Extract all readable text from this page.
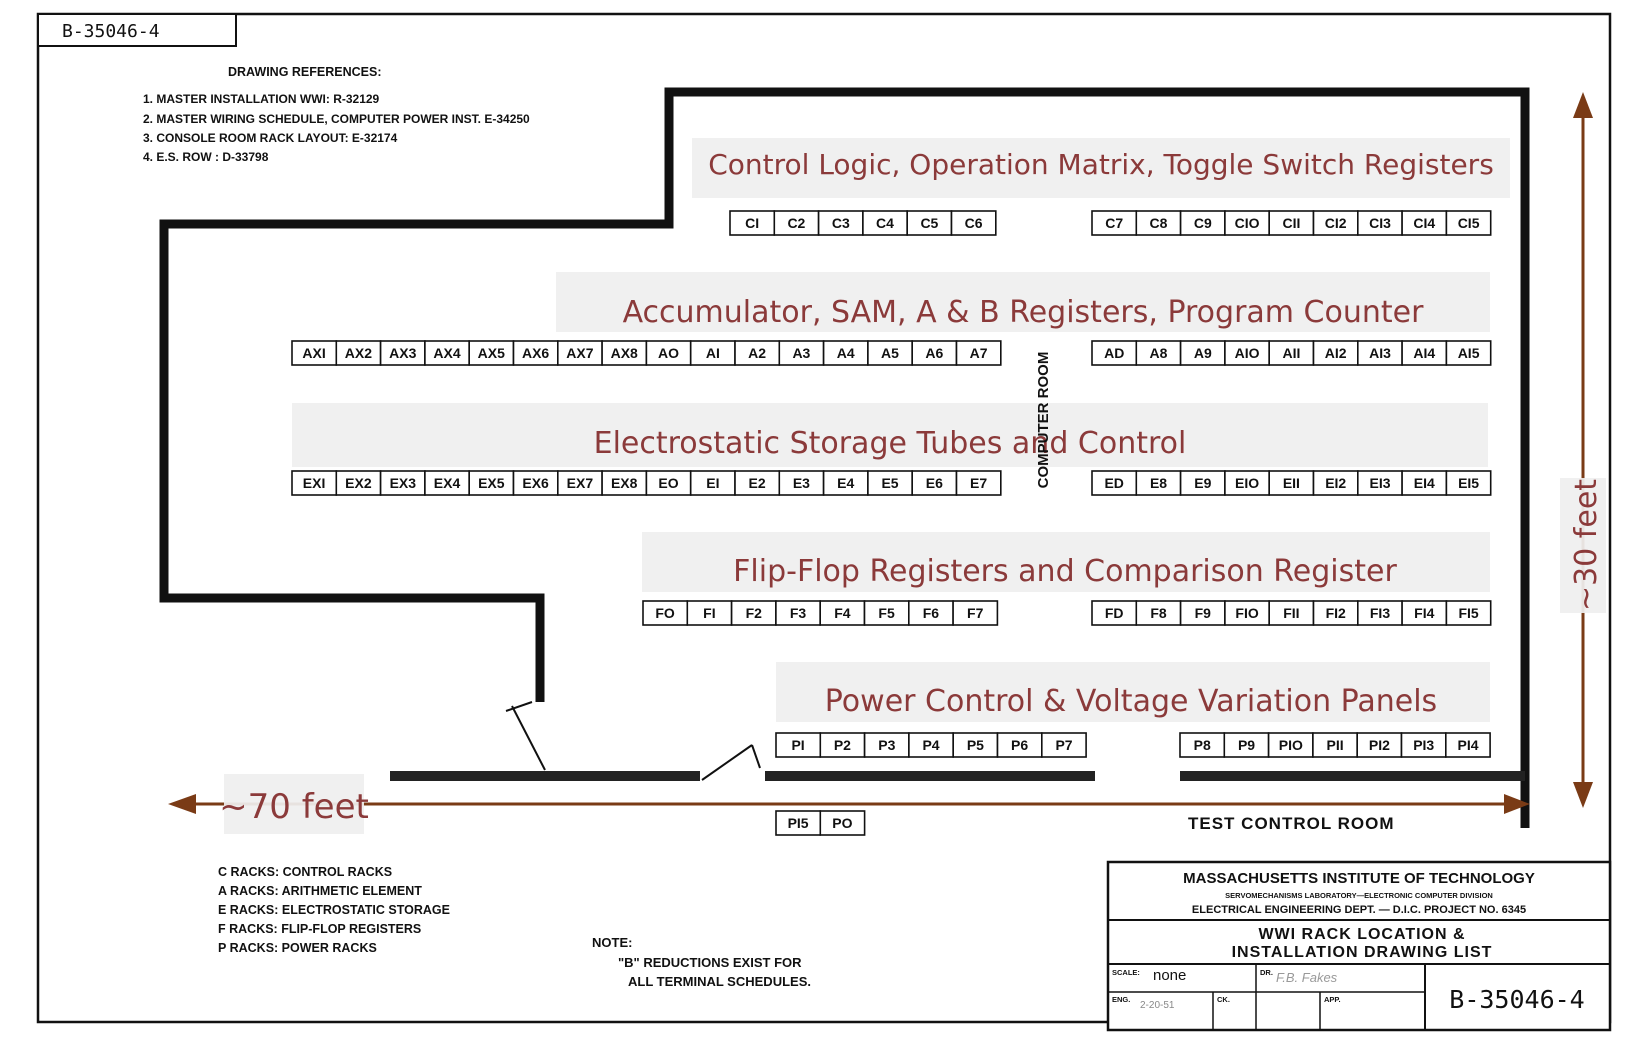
B-35046-4
DRAWING REFERENCES:
1. MASTER INSTALLATION WWI: R-32129
2. MASTER WIRING SCHEDULE, COMPUTER POWER INST. E-34250
3. CONSOLE ROOM RACK LAYOUT: E-32174
4. E.S. ROW : D-33798	Control Logic, Operation Matrix, Toggle Switch Registers
Accumulator, SAM, A & B Registers, Program Counter
Electrostatic Storage Tubes and Control
Flip-Flop Registers and Comparison Register
Power Control & Voltage Variation Panels
CI C2 C3 C4 C5 C6	C7 C8 C9 CIO CII CI2 CI3 CI4 CI5
AXI AX2 AX3 AX4 AX5 AX6 AX7 AX8 AO AI A2 A3 A4 A5 A6 A7	AD A8 A9 AIO AII AI2 AI3 AI4 AI5
EXI EX2 EX3 EX4 EX5 EX6 EX7 EX8 EO EI E2 E3 E4 E5 E6 E7	ED E8 E9 EIO EII EI2 EI3 EI4 EI5
FO FI F2 F3 F4 F5 F6 F7	FD F8 F9 FIO FII FI2 FI3 FI4 FI5
PI P2 P3 P4 P5 P6 P7	P8 P9 PIO PII PI2 PI3 PI4
PI5 PO
COMPUTER ROOM
~70 feet
~30 feet
TEST CONTROL ROOM
C RACKS: CONTROL RACKS
A RACKS: ARITHMETIC ELEMENT
E RACKS: ELECTROSTATIC STORAGE
F RACKS: FLIP-FLOP REGISTERS
P RACKS: POWER RACKS	NOTE:
"B" REDUCTIONS EXIST FOR
ALL TERMINAL SCHEDULES.
MASSACHUSETTS INSTITUTE OF TECHNOLOGY
SERVOMECHANISMS LABORATORY—ELECTRONIC COMPUTER DIVISION
ELECTRICAL ENGINEERING DEPT. — D.I.C. PROJECT NO. 6345
WWI RACK LOCATION &
INSTALLATION DRAWING LIST
SCALE: none	DR. F.B. Fakes
ENG.
2-20-51
CK.	APP.	B-35046-4
